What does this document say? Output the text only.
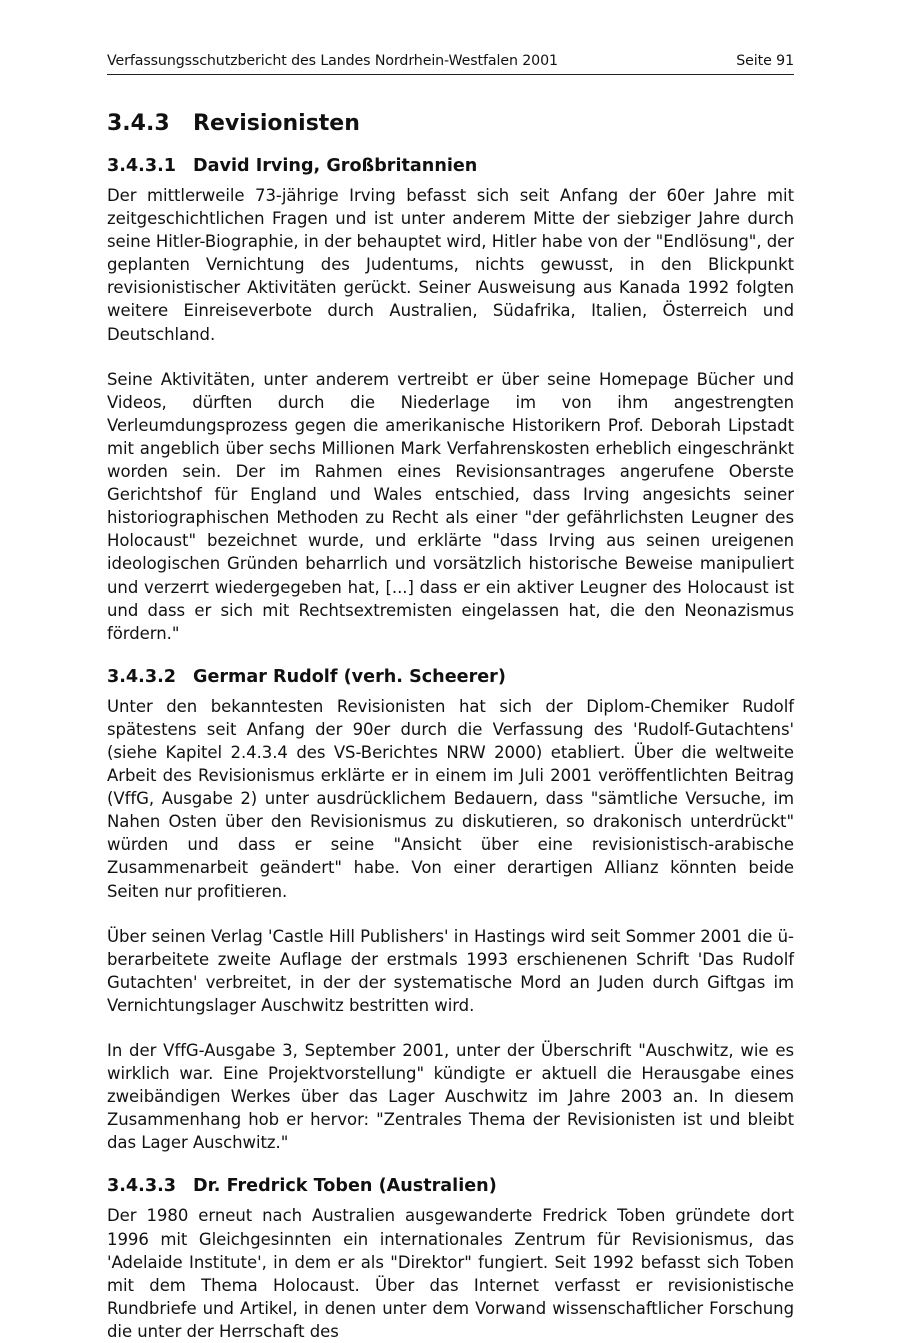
Verfassungsschutzbericht des Landes Nordrhein-Westfalen 2001	Seite 91
3.4.3 Revisionisten
3.4.3.1 David Irving, Großbritannien

Der mittlerweile 73-jährige Irving befasst sich seit Anfang der 60er Jahre mit zeitgeschichtlichen Fragen und ist unter anderem Mitte der siebziger Jahre durch seine Hitler-Biographie, in der behauptet wird, Hitler habe von der "Endlösung", der geplanten Vernichtung des Judentums, nichts gewusst, in den Blickpunkt revisionistischer Aktivitäten gerückt. Seiner Ausweisung aus Kanada 1992 folgten weitere Einreiseverbote durch Australien, Südafrika, Italien, Österreich und Deutschland.

Seine Aktivitäten, unter anderem vertreibt er über seine Homepage Bücher und Videos, dürften durch die Niederlage im von ihm angestrengten Verleumdungsprozess gegen die amerikanische Historikern Prof. Deborah Lipstadt mit angeblich über sechs Millionen Mark Verfahrenskosten erheblich eingeschränkt worden sein. Der im Rahmen eines Revisionsantrages angerufene Oberste Gerichtshof für England und Wales entschied, dass Irving angesichts seiner historiographischen Methoden zu Recht als einer "der gefährlichsten Leugner des Holocaust" bezeichnet wurde, und erklärte "dass Irving aus seinen ureigenen ideologischen Gründen beharrlich und vorsätzlich historische Beweise manipuliert und verzerrt wiedergegeben hat, [...] dass er ein aktiver Leugner des Holocaust ist und dass er sich mit Rechtsextremisten eingelassen hat, die den Neonazismus fördern."

3.4.3.2 Germar Rudolf (verh. Scheerer)

Unter den bekanntesten Revisionisten hat sich der Diplom-Chemiker Rudolf spätestens seit Anfang der 90er durch die Verfassung des 'Rudolf-Gutachtens' (siehe Kapitel 2.4.3.4 des VS-Berichtes NRW 2000) etabliert. Über die weltweite Arbeit des Revisionismus erklärte er in einem im Juli 2001 veröffentlichten Beitrag (VffG, Ausgabe 2) unter ausdrücklichem Bedauern, dass "sämtliche Versuche, im Nahen Osten über den Revisionismus zu diskutieren, so drakonisch unterdrückt" würden und dass er seine "Ansicht über eine revisionistisch-arabische Zusammenarbeit geändert" habe. Von einer derartigen Allianz könnten beide Seiten nur profitieren.

Über seinen Verlag 'Castle Hill Publishers' in Hastings wird seit Sommer 2001 die überarbeitete zweite Auflage der erstmals 1993 erschienenen Schrift 'Das Rudolf Gutachten' verbreitet, in der der systematische Mord an Juden durch Giftgas im Vernichtungslager Auschwitz bestritten wird.

In der VffG-Ausgabe 3, September 2001, unter der Überschrift "Auschwitz, wie es wirklich war. Eine Projektvorstellung" kündigte er aktuell die Herausgabe eines zweibändigen Werkes über das Lager Auschwitz im Jahre 2003 an. In diesem Zusammenhang hob er hervor: "Zentrales Thema der Revisionisten ist und bleibt das Lager Auschwitz."

3.4.3.3 Dr. Fredrick Toben (Australien)

Der 1980 erneut nach Australien ausgewanderte Fredrick Toben gründete dort 1996 mit Gleichgesinnten ein internationales Zentrum für Revisionismus, das 'Adelaide Institute', in dem er als "Direktor" fungiert. Seit 1992 befasst sich Toben mit dem Thema Holocaust. Über das Internet verfasst er revisionistische Rundbriefe und Artikel, in denen unter dem Vorwand wissenschaftlicher Forschung die unter der Herrschaft des
